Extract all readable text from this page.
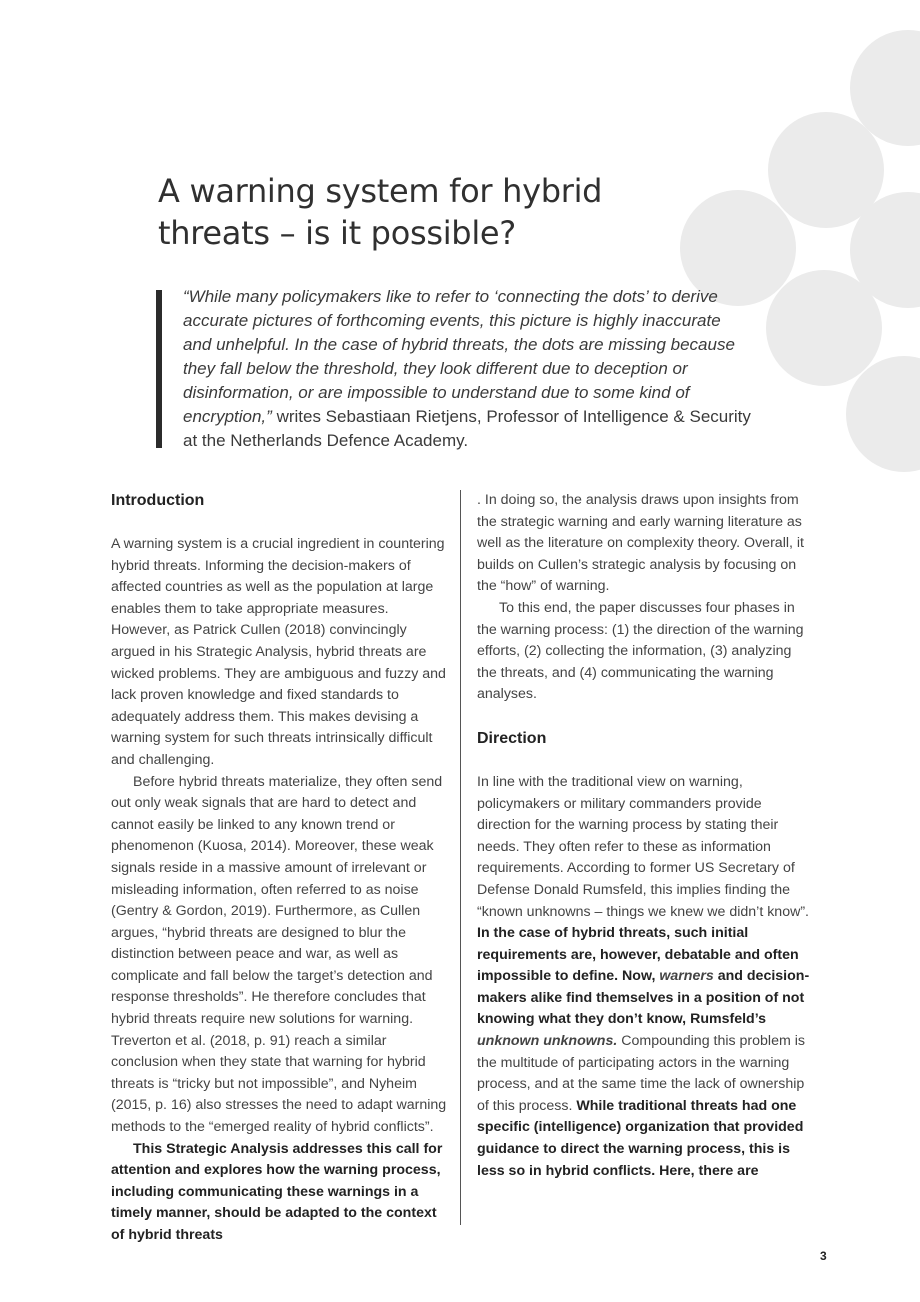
A warning system for hybrid threats – is it possible?

“While many policymakers like to refer to ‘connecting the dots’ to derive accurate pictures of forthcoming events, this picture is highly inaccurate and unhelpful. In the case of hybrid threats, the dots are missing because they fall below the threshold, they look different due to deception or disinformation, or are impossible to understand due to some kind of encryption,” writes Sebastiaan Rietjens, Professor of Intelligence & Security at the Netherlands Defence Academy.

Introduction

A warning system is a crucial ingredient in countering hybrid threats. Informing the decision-makers of affected countries as well as the population at large enables them to take appropriate measures. However, as Patrick Cullen (2018) convincingly argued in his Strategic Analysis, hybrid threats are wicked problems. They are ambiguous and fuzzy and lack proven knowledge and fixed standards to adequately address them. This makes devising a warning system for such threats intrinsically difficult and challenging.

Before hybrid threats materialize, they often send out only weak signals that are hard to detect and cannot easily be linked to any known trend or phenomenon (Kuosa, 2014). Moreover, these weak signals reside in a massive amount of irrelevant or misleading information, often referred to as noise (Gentry & Gordon, 2019). Furthermore, as Cullen argues, “hybrid threats are designed to blur the distinction between peace and war, as well as complicate and fall below the target’s detection and response thresholds”. He therefore concludes that hybrid threats require new solutions for warning. Treverton et al. (2018, p. 91) reach a similar conclusion when they state that warning for hybrid threats is “tricky but not impossible”, and Nyheim (2015, p. 16) also stresses the need to adapt warning methods to the “emerged reality of hybrid conflicts”.

This Strategic Analysis addresses this call for attention and explores how the warning process, including communicating these warnings in a timely manner, should be adapted to the context of hybrid threats

. In doing so, the analysis draws upon insights from the strategic warning and early warning literature as well as the literature on complexity theory. Overall, it builds on Cullen’s strategic analysis by focusing on the “how” of warning.

To this end, the paper discusses four phases in the warning process: (1) the direction of the warning efforts, (2) collecting the information, (3) analyzing the threats, and (4) communicating the warning analyses.

Direction

In line with the traditional view on warning, policymakers or military commanders provide direction for the warning process by stating their needs. They often refer to these as information requirements. According to former US Secretary of Defense Donald Rumsfeld, this implies finding the “known unknowns – things we knew we didn’t know”. In the case of hybrid threats, such initial requirements are, however, debatable and often impossible to define. Now, warners and decision-makers alike find themselves in a position of not knowing what they don’t know, Rumsfeld’s unknown unknowns. Compounding this problem is the multitude of participating actors in the warning process, and at the same time the lack of ownership of this process. While traditional threats had one specific (intelligence) organization that provided guidance to direct the warning process, this is less so in hybrid conflicts. Here, there are

3
